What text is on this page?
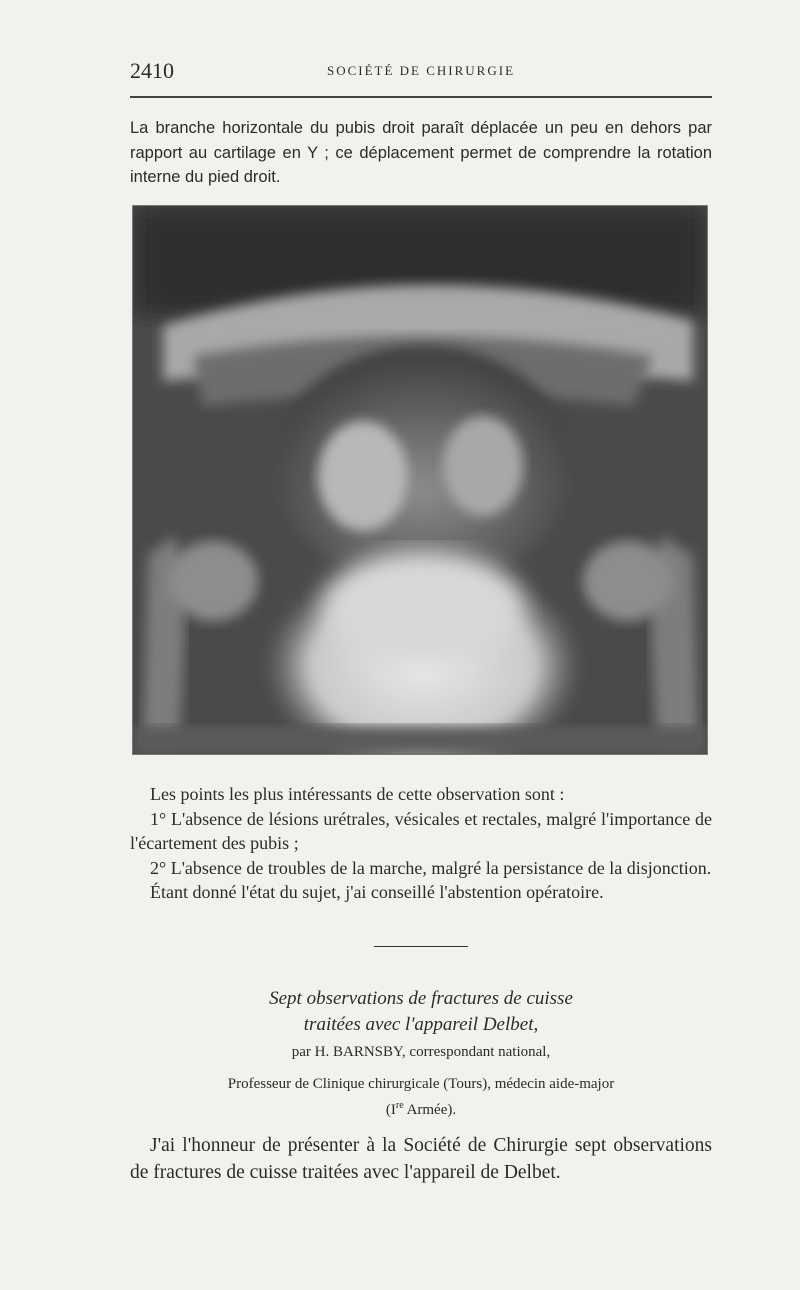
2410	SOCIÉTÉ DE CHIRURGIE
La branche horizontale du pubis droit paraît déplacée un peu en dehors par rapport au cartilage en Y ; ce déplacement permet de comprendre la rotation interne du pied droit.
Les points les plus intéressants de cette observation sont :
1° L'absence de lésions urétrales, vésicales et rectales, malgré l'importance de l'écartement des pubis ;
2° L'absence de troubles de la marche, malgré la persistance de la disjonction.
Étant donné l'état du sujet, j'ai conseillé l'abstention opératoire.
Sept observations de fractures de cuisse
traitées avec l'appareil Delbet,
par H. BARNSBY, correspondant national,
Professeur de Clinique chirurgicale (Tours), médecin aide-major
(Ire Armée).
J'ai l'honneur de présenter à la Société de Chirurgie sept observations de fractures de cuisse traitées avec l'appareil de Delbet.
